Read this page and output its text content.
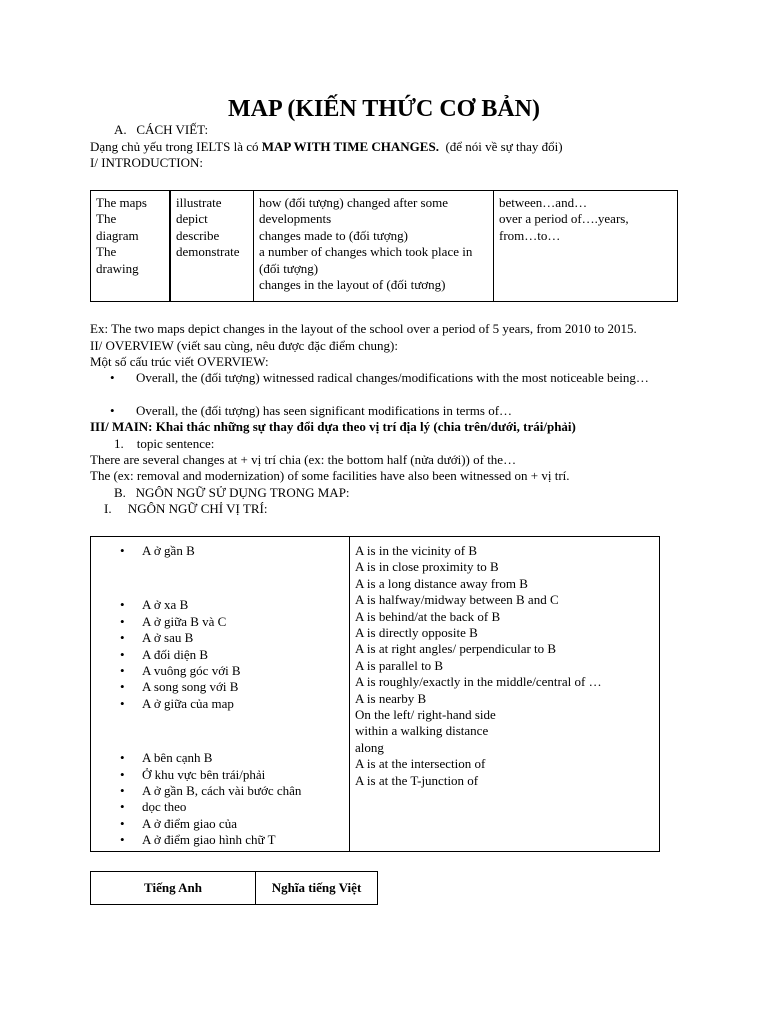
MAP (KIẾN THỨC CƠ BẢN)
A.   CÁCH VIẾT:
Dạng chủ yếu trong IELTS là có MAP WITH TIME CHANGES.  (để nói về sự thay đổi)
I/ INTRODUCTION:
The maps
The
diagram
The
drawing

illustrate
depict
describe
demonstrate

how (đối tượng) changed after some
developments
changes made to (đối tượng)
a number of changes which took place in
(đối tượng)
changes in the layout of (đối tương)

between…and…
over a period of….years,
from…to…
Ex: The two maps depict changes in the layout of the school over a period of 5 years, from 2010 to 2015.
II/ OVERVIEW (viết sau cùng, nêu được đặc điểm chung):
Một số cấu trúc viết OVERVIEW:
Overall, the (đối tượng) witnessed radical changes/modifications with the most noticeable being…
Overall, the (đối tượng) has seen significant modifications in terms of…
III/ MAIN: Khai thác những sự thay đổi dựa theo vị trí địa lý (chia trên/dưới, trái/phải)
1.    topic sentence:
There are several changes at + vị trí chia (ex: the bottom half (nửa dưới)) of the…
The (ex: removal and modernization) of some facilities have also been witnessed on + vị trí.
B.   NGÔN NGỮ SỬ DỤNG TRONG MAP:
I.     NGÔN NGỮ CHỈ VỊ TRÍ:
• A ở gần B
• A ở xa B
• A ở giữa B và C
• A ở sau B
• A đối diện B
• A vuông góc với B
• A song song với B
• A ở giữa của map
• A bên cạnh B
• Ở khu vực bên trái/phải
• A ở gần B, cách vài bước chân
• dọc theo
• A ở điểm giao của
• A ở điểm giao hình chữ T

A is in the vicinity of B
A is in close proximity to B
A is a long distance away from B
A is halfway/midway between B and C
A is behind/at the back of B
A is directly opposite B
A is at right angles/ perpendicular to B
A is parallel to B
A is roughly/exactly in the middle/central of …
A is nearby B
On the left/ right-hand side
within a walking distance
along
A is at the intersection of
A is at the T-junction of
Tiếng Anh	Nghĩa tiếng Việt
